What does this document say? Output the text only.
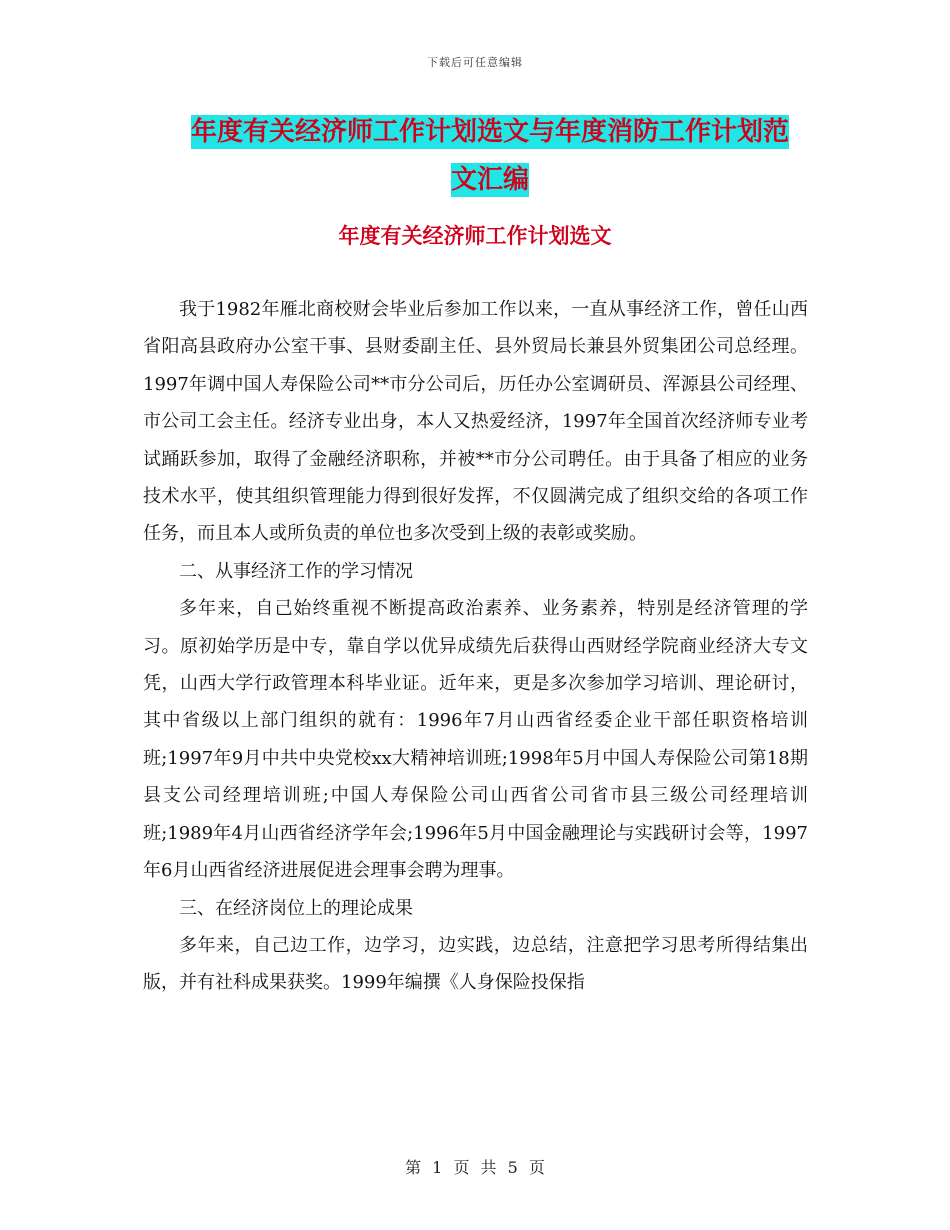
下载后可任意编辑
年度有关经济师工作计划选文与年度消防工作计划范
文汇编
年度有关经济师工作计划选文

我于1982年雁北商校财会毕业后参加工作以来，一直从事经济工作，曾任山西省阳高县政府办公室干事、县财委副主任、县外贸局长兼县外贸集团公司总经理。1997年调中国人寿保险公司**市分公司后，历任办公室调研员、浑源县公司经理、市公司工会主任。经济专业出身，本人又热爱经济，1997年全国首次经济师专业考试踊跃参加，取得了金融经济职称，并被**市分公司聘任。由于具备了相应的业务技术水平，使其组织管理能力得到很好发挥，不仅圆满完成了组织交给的各项工作任务，而且本人或所负责的单位也多次受到上级的表彰或奖励。

二、从事经济工作的学习情况

多年来，自己始终重视不断提高政治素养、业务素养，特别是经济管理的学习。原初始学历是中专，靠自学以优异成绩先后获得山西财经学院商业经济大专文凭，山西大学行政管理本科毕业证。近年来，更是多次参加学习培训、理论研讨，其中省级以上部门组织的就有：1996年7月山西省经委企业干部任职资格培训班;1997年9月中共中央党校xx大精神培训班;1998年5月中国人寿保险公司第18期县支公司经理培训班;中国人寿保险公司山西省公司省市县三级公司经理培训班;1989年4月山西省经济学年会;1996年5月中国金融理论与实践研讨会等，1997年6月山西省经济进展促进会理事会聘为理事。

三、在经济岗位上的理论成果

多年来，自己边工作，边学习，边实践，边总结，注意把学习思考所得结集出版，并有社科成果获奖。1999年编撰《人身保险投保指

第 1 页 共 5 页
